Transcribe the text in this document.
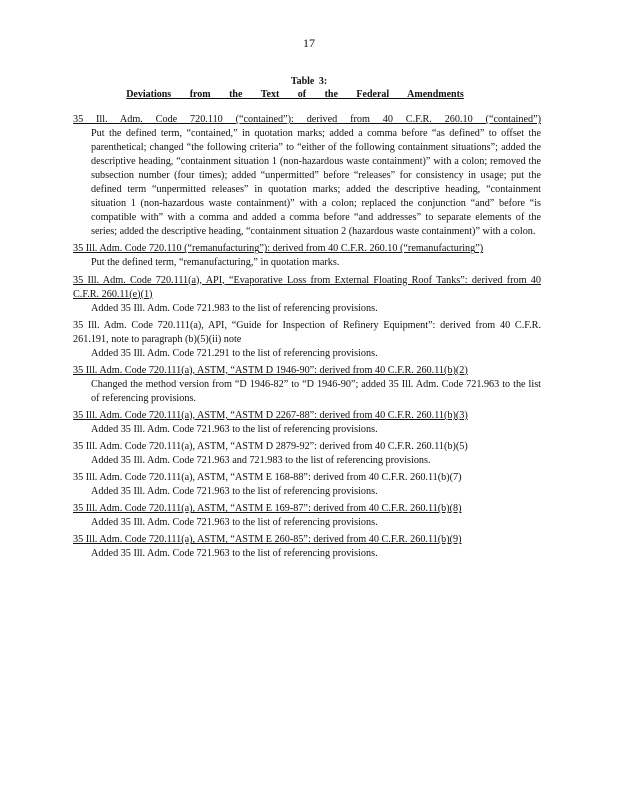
17
Table 3:
Deviations from the Text of the Federal Amendments
35 Ill. Adm. Code 720.110 (“contained”): derived from 40 C.F.R. 260.10 (“contained”)
Put the defined term, “contained,” in quotation marks; added a comma before “as defined” to offset the parenthetical; changed “the following criteria” to “either of the following containment situations”; added the descriptive heading, “containment situation 1 (non-hazardous waste containment)” with a colon; removed the subsection number (four times); added “unpermitted” before “releases” for consistency in usage; put the defined term “unpermitted releases” in quotation marks; added the descriptive heading, “containment situation 1 (non-hazardous waste containment)” with a colon; replaced the conjunction “and” before “is compatible with” with a comma and added a comma before “and addresses” to separate elements of the series; added the descriptive heading, “containment situation 2 (hazardous waste containment)” with a colon.
35 Ill. Adm. Code 720.110 (“remanufacturing”): derived from 40 C.F.R. 260.10 (“remanufacturing”)
Put the defined term, “remanufacturing,” in quotation marks.
35 Ill. Adm. Code 720.111(a), API, “Evaporative Loss from External Floating Roof Tanks”: derived from 40 C.F.R. 260.11(e)(1)
Added 35 Ill. Adm. Code 721.983 to the list of referencing provisions.
35 Ill. Adm. Code 720.111(a), API, “Guide for Inspection of Refinery Equipment”: derived from 40 C.F.R. 261.191, note to paragraph (b)(5)(ii) note
Added 35 Ill. Adm. Code 721.291 to the list of referencing provisions.
35 Ill. Adm. Code 720.111(a), ASTM, “ASTM D 1946-90”: derived from 40 C.F.R. 260.11(b)(2)
Changed the method version from “D 1946-82” to “D 1946-90”; added 35 Ill. Adm. Code 721.963 to the list of referencing provisions.
35 Ill. Adm. Code 720.111(a), ASTM, “ASTM D 2267-88”: derived from 40 C.F.R. 260.11(b)(3)
Added 35 Ill. Adm. Code 721.963 to the list of referencing provisions.
35 Ill. Adm. Code 720.111(a), ASTM, “ASTM D 2879-92”: derived from 40 C.F.R. 260.11(b)(5)
Added 35 Ill. Adm. Code 721.963 and 721.983 to the list of referencing provisions.
35 Ill. Adm. Code 720.111(a), ASTM, “ASTM E 168-88”: derived from 40 C.F.R. 260.11(b)(7)
Added 35 Ill. Adm. Code 721.963 to the list of referencing provisions.
35 Ill. Adm. Code 720.111(a), ASTM, “ASTM E 169-87”: derived from 40 C.F.R. 260.11(b)(8)
Added 35 Ill. Adm. Code 721.963 to the list of referencing provisions.
35 Ill. Adm. Code 720.111(a), ASTM, “ASTM E 260-85”: derived from 40 C.F.R. 260.11(b)(9)
Added 35 Ill. Adm. Code 721.963 to the list of referencing provisions.
